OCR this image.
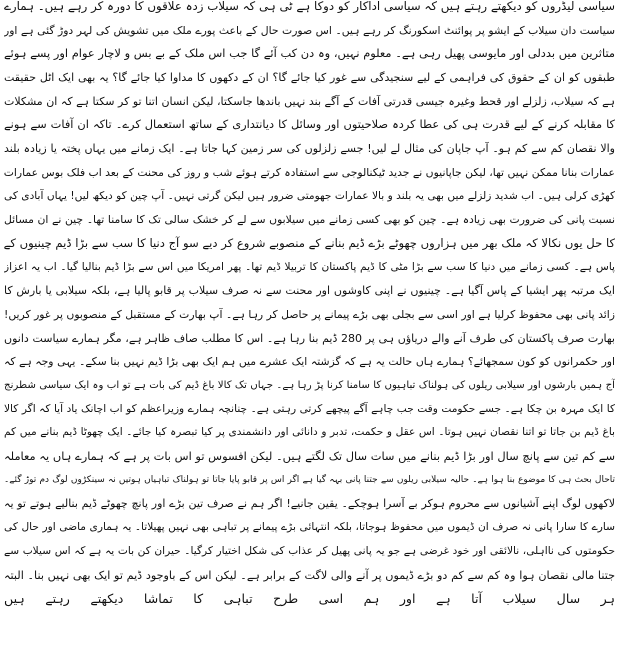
سیاسی لیڈروں کو دیکھتے رہتے ہیں کہ سیاسی اداکار کو دوکا ہے ٹی ہی کہ سیلاب زدہ علاقوں کا دورہ کر رہے ہیں۔ ہمارے
سیاست دان سیلاب کے ایشو پر پوائنٹ اسکورنگ کر رہے ہیں۔ اس صورت حال کے باعث پورے ملک میں تشویش کی لہر دوڑ گئی ہے اور
متاثرین میں بددلی اور مایوسی پھیل رہی ہے۔ معلوم نہیں، وہ دن کب آئے گا جب اس ملک کے بے بس و لاچار عوام اور پسے ہوئے
طبقوں کو ان کے حقوق کی فراہمی کے لیے سنجیدگی سے غور کیا جائے گا؟ ان کے دکھوں کا مداوا کیا جائے گا؟ یہ بھی ایک اٹل حقیقت
ہے کہ سیلاب، زلزلے اور قحط وغیرہ جیسی قدرتی آفات کے آگے بند نہیں باندھا جاسکتا، لیکن انسان اتنا تو کر سکتا ہے کہ ان مشکلات
کا مقابلہ کرنے کے لیے قدرت ہی کی عطا کردہ صلاحیتوں اور وسائل کا دیانتداری کے ساتھ استعمال کرے۔ تاکہ ان آفات سے ہونے
والا نقصان کم سے کم ہو۔ آپ جاپان کی مثال لے لیں! جسے زلزلوں کی سر زمین کہا جاتا ہے۔ ایک زمانے میں یہاں پختہ یا زیادہ بلند
عمارات بنانا ممکن نہیں تھا، لیکن جاپانیوں نے جدید ٹیکنالوجی سے استفادہ کرتے ہوئے شب و روز کی محنت کے بعد اب فلک بوس عمارات
کھڑی کرلی ہیں۔ اب شدید زلزلے میں بھی یہ بلند و بالا عمارات جھومتی ضرور ہیں لیکن گرتی نہیں۔ آپ چین کو دیکھ لیں! یہاں آبادی کی
نسبت پانی کی ضرورت بھی زیادہ ہے۔ چین کو بھی کسی زمانے میں سیلابوں سے لے کر خشک سالی تک کا سامنا تھا۔ چین نے ان مسائل
کا حل یوں نکالا کہ ملک بھر میں ہزاروں چھوٹے بڑے ڈیم بنانے کے منصوبے شروع کر دیے سو آج دنیا کا سب سے بڑا ڈیم چینیوں کے
پاس ہے۔ کسی زمانے میں دنیا کا سب سے بڑا مٹی کا ڈیم پاکستان کا تربیلا ڈیم تھا۔ پھر امریکا میں اس سے بڑا ڈیم بنالیا گیا۔ اب یہ اعزاز
ایک مرتبہ پھر ایشیا کے پاس آگیا ہے۔ چینیوں نے اپنی کاوشوں اور محنت سے نہ صرف سیلاب پر قابو پالیا ہے، بلکہ سیلابی یا بارش کا
زائد پانی بھی محفوظ کرلیا ہے اور اسی سے بجلی بھی بڑے پیمانے پر حاصل کر رہا ہے۔ آپ بھارت کے مستقبل کے منصوبوں پر غور کریں!
بھارت صرف پاکستان کی طرف آنے والے دریاؤں ہی پر 280 ڈیم بنا رہا ہے۔ اس کا مطلب صاف ظاہر ہے، مگر ہمارے سیاست دانوں
اور حکمرانوں کو کون سمجھائے؟ ہمارے ہاں حالت یہ ہے کہ گزشتہ ایک عشرے میں ہم ایک بھی بڑا ڈیم نہیں بنا سکے۔ یہی وجہ ہے کہ
آج ہمیں بارشوں اور سیلابی ریلوں کی ہولناک تباہیوں کا سامنا کرنا پڑ رہا ہے۔ جہاں تک کالا باغ ڈیم کی بات ہے تو اب وہ ایک سیاسی شطرنج
کا ایک مہرہ بن چکا ہے۔ جسے حکومت وقت جب چاہے آگے پیچھے کرتی رہتی ہے۔ چنانچہ ہمارے وزیراعظم کو اب اچانک یاد آیا کہ اگر کالا
باغ ڈیم بن جاتا تو اتنا نقصان نہیں ہوتا۔ اس عقل و حکمت، تدبر و دانائی اور دانشمندی پر کیا تبصرہ کیا جائے۔ ایک چھوٹا ڈیم بنانے میں کم
سے کم تین سے پانچ سال اور بڑا ڈیم بنانے میں سات سال تک لگتے ہیں۔ لیکن افسوس تو اس بات پر ہے کہ ہمارے ہاں یہ معاملہ
تاحال بحث ہی کا موضوع بنا ہوا ہے۔ حالیہ سیلابی ریلوں سے جتنا پانی بہہ گیا ہے اگر اس پر قابو پایا جاتا تو ہولناک تباہیاں ہوتیں نہ سینکڑوں لوگ دم توڑ گئے۔
لاکھوں لوگ اپنے آشیانوں سے محروم ہوکر بے آسرا ہوچکے۔ یقین جانیے! اگر ہم نے صرف تین بڑے اور پانچ چھوٹے ڈیم بنالیے ہوتے تو یہ
سارے کا سارا پانی نہ صرف ان ڈیموں میں محفوظ ہوجاتا، بلکہ انتہائی بڑے پیمانے پر تباہی بھی نہیں پھیلاتا۔ یہ ہماری ماضی اور حال کی
حکومتوں کی نااہلی، نالائقی اور خود غرضی ہے جو یہ پانی پھیل کر عذاب کی شکل اختیار کرگیا۔ حیران کن بات یہ ہے کہ اس سیلاب سے
جتنا مالی نقصان ہوا وہ کم سے کم دو بڑے ڈیموں پر آنے والی لاگت کے برابر ہے۔ لیکن اس کے باوجود ڈیم تو ایک بھی نہیں بنا۔ البتہ
ہر سال سیلاب آتا ہے اور ہم اسی طرح تباہی کا تماشا دیکھتے رہتے ہیں
